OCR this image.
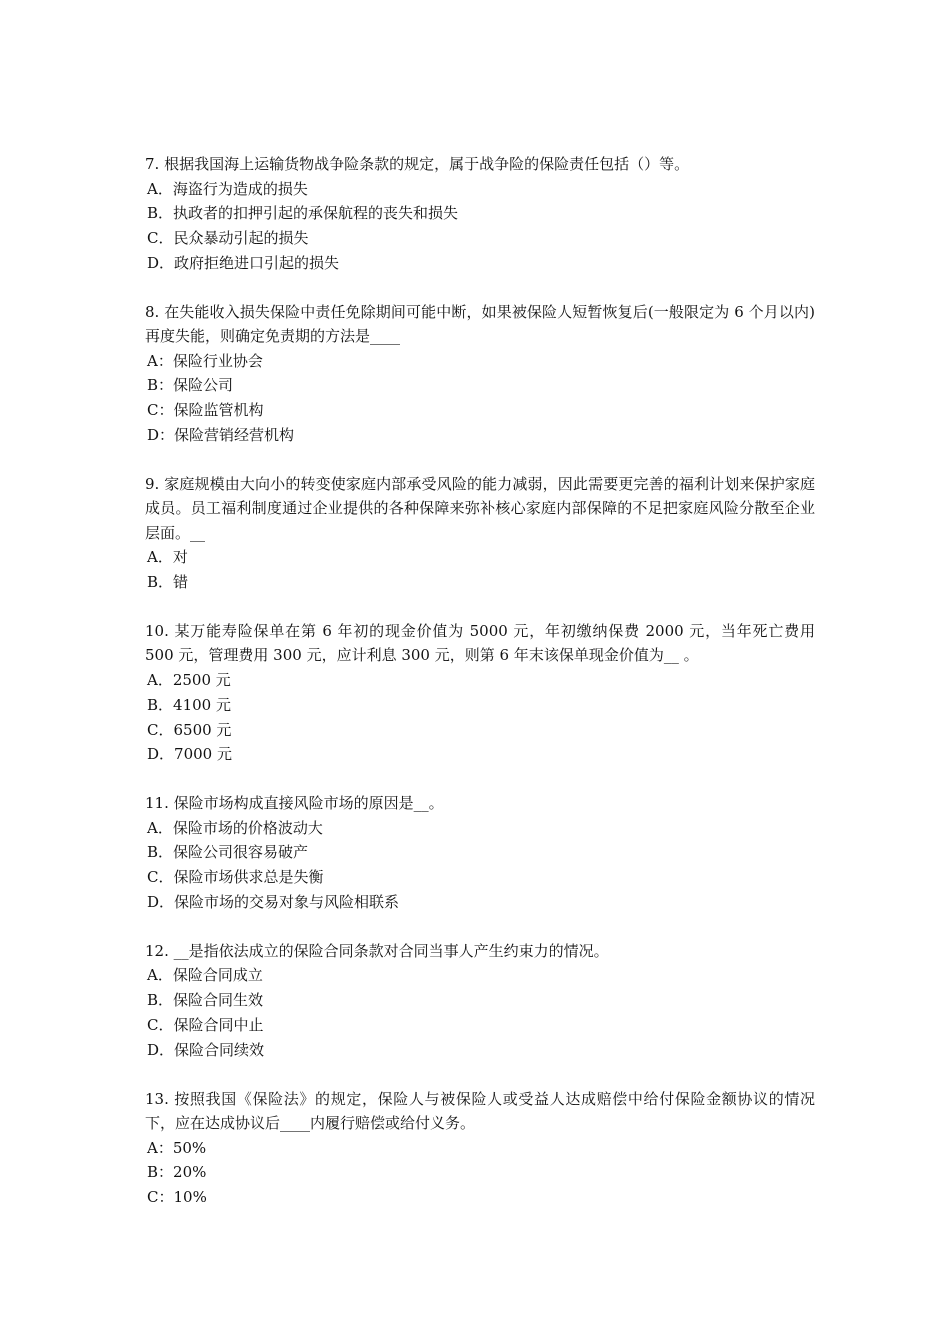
7. 根据我国海上运输货物战争险条款的规定，属于战争险的保险责任包括（）等。

A．海盗行为造成的损失

B．执政者的扣押引起的承保航程的丧失和损失

C．民众暴动引起的损失

D．政府拒绝进口引起的损失

8. 在失能收入损失保险中责任免除期间可能中断，如果被保险人短暂恢复后(一般限定为 6 个月以内)再度失能，则确定免责期的方法是____

A：保险行业协会

B：保险公司

C：保险监管机构

D：保险营销经营机构

9. 家庭规模由大向小的转变使家庭内部承受风险的能力减弱，因此需要更完善的福利计划来保护家庭成员。员工福利制度通过企业提供的各种保障来弥补核心家庭内部保障的不足把家庭风险分散至企业层面。__

A．对

B．错

10. 某万能寿险保单在第 6 年初的现金价值为 5000 元，年初缴纳保费 2000 元，当年死亡费用 500 元，管理费用 300 元，应计利息 300 元，则第 6 年末该保单现金价值为__ 。

A．2500 元

B．4100 元

C．6500 元

D．7000 元

11. 保险市场构成直接风险市场的原因是__。

A．保险市场的价格波动大

B．保险公司很容易破产

C．保险市场供求总是失衡

D．保险市场的交易对象与风险相联系

12. __是指依法成立的保险合同条款对合同当事人产生约束力的情况。

A．保险合同成立

B．保险合同生效

C．保险合同中止

D．保险合同续效

13. 按照我国《保险法》的规定，保险人与被保险人或受益人达成赔偿中给付保险金额协议的情况下，应在达成协议后____内履行赔偿或给付义务。

A：50%

B：20%

C：10%
